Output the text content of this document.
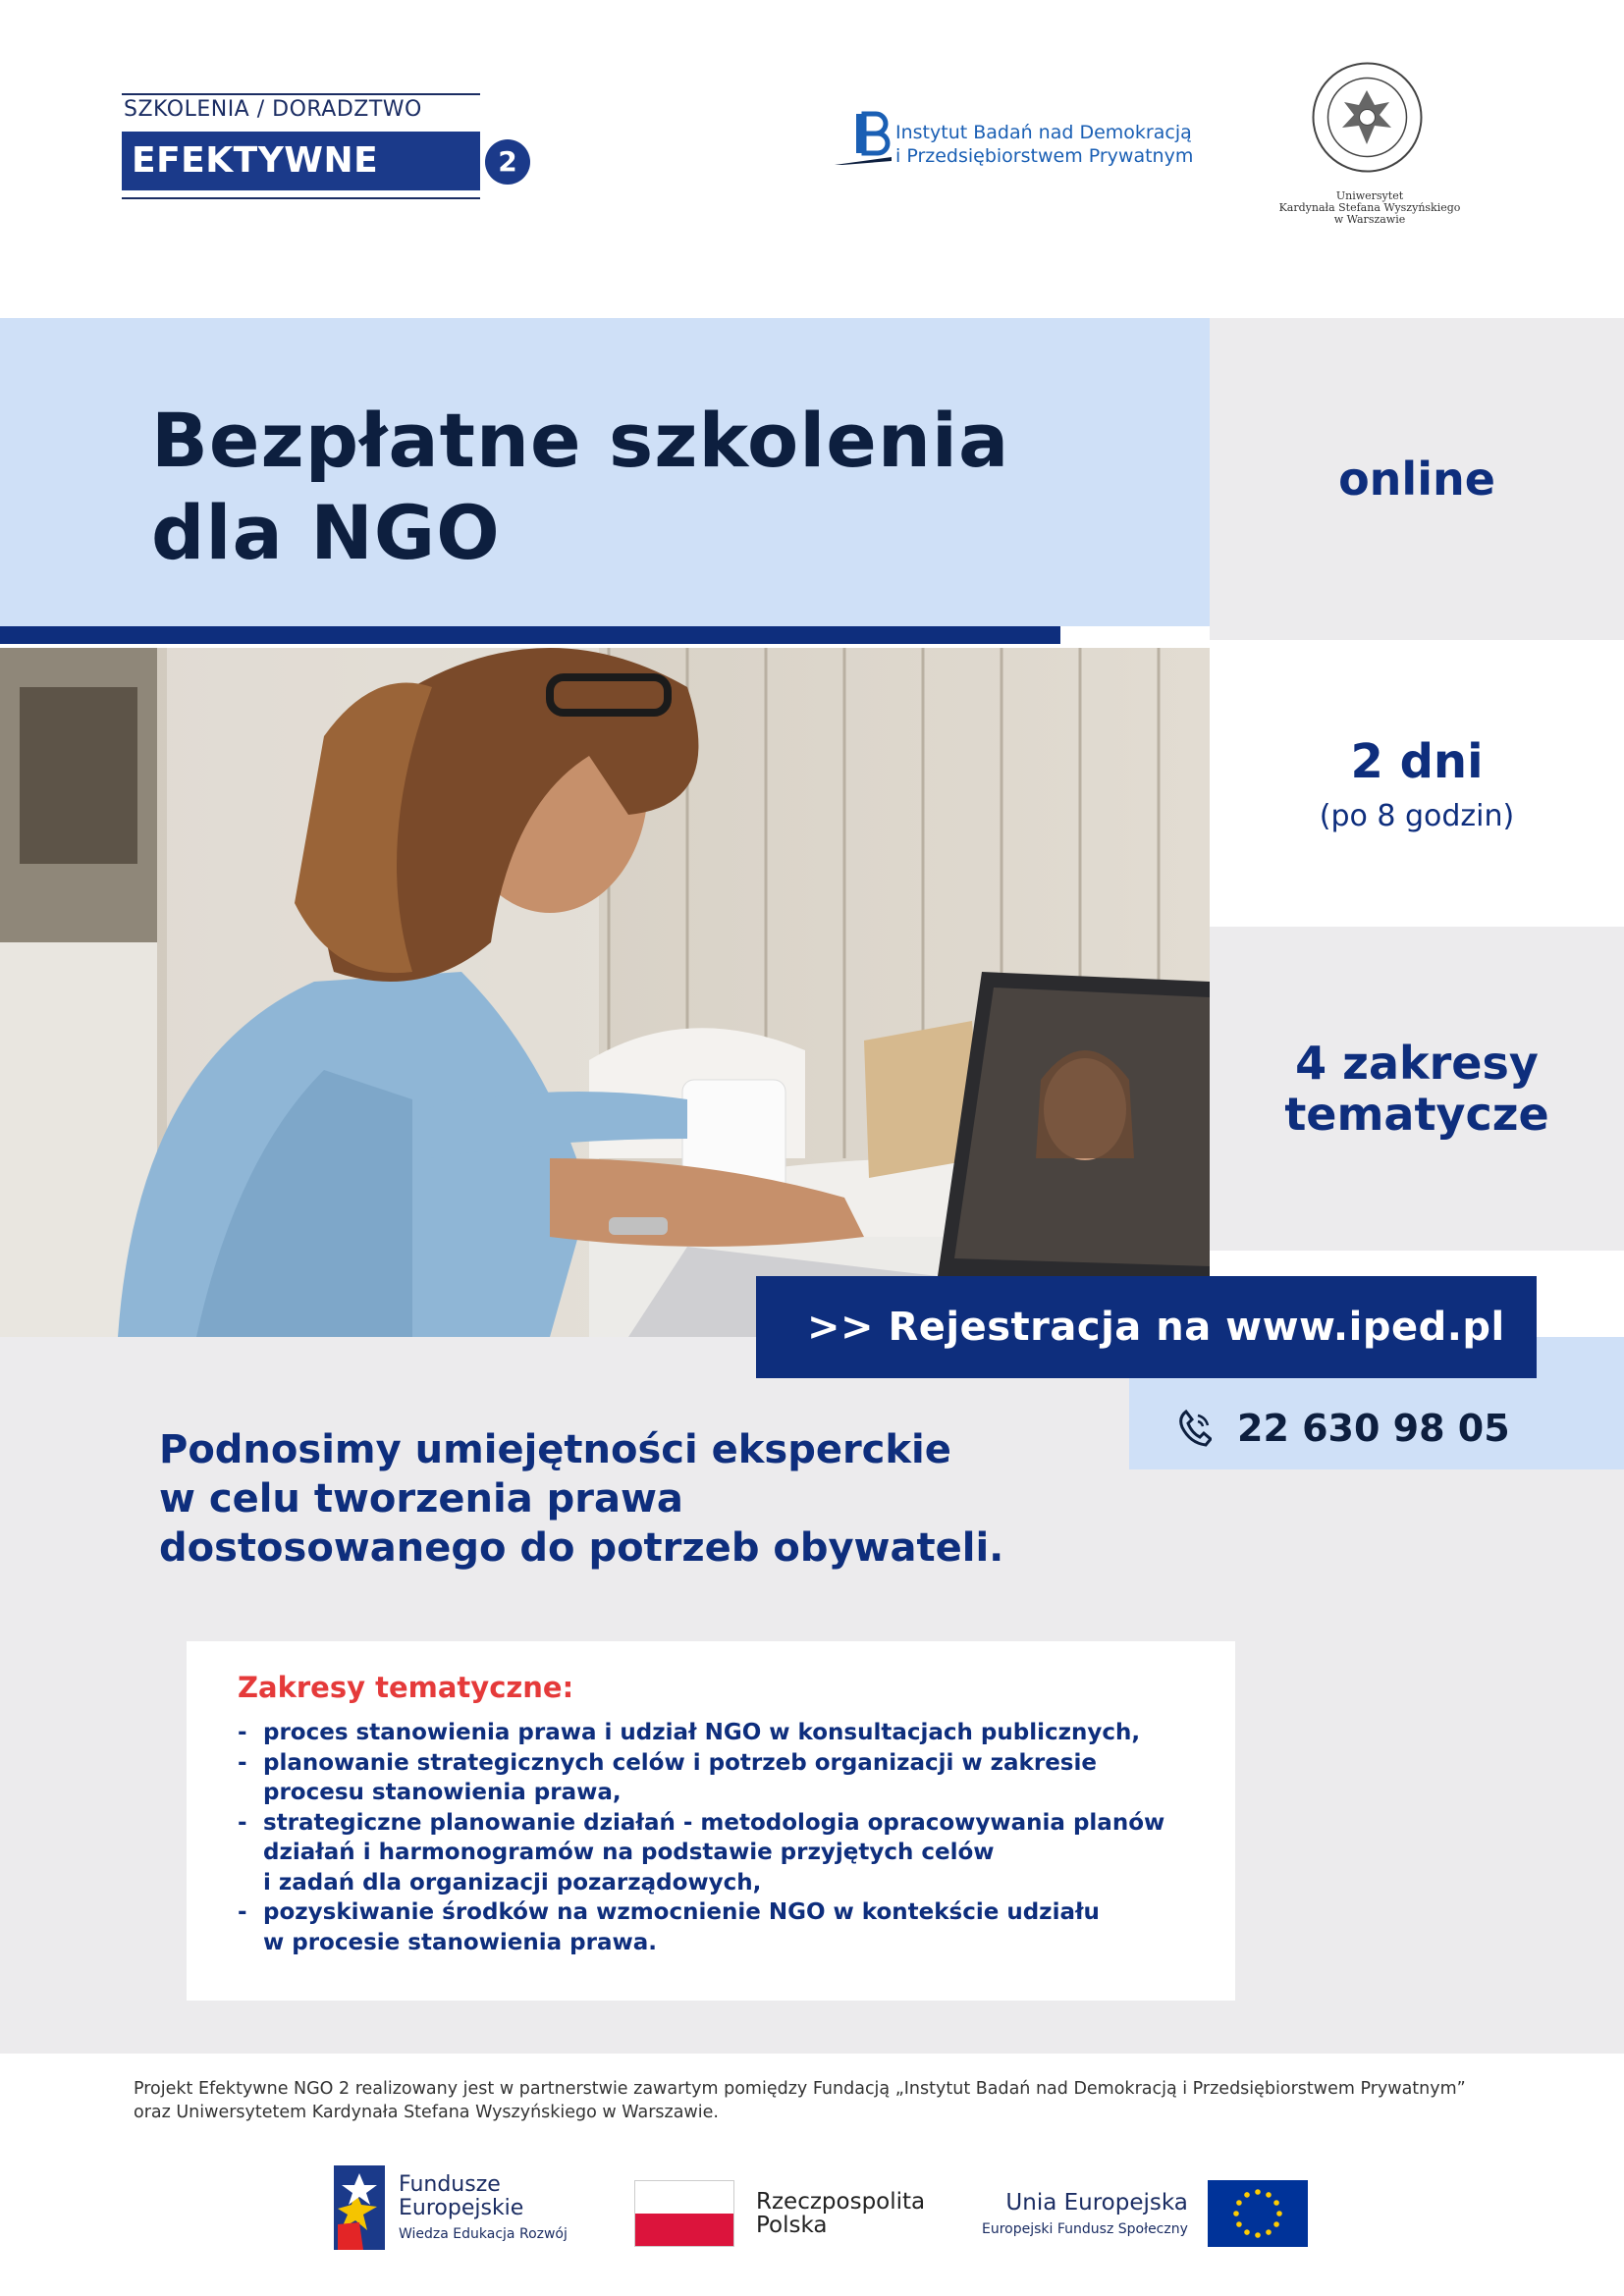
SZKOLENIA / DORADZTWO
EFEKTYWNE NGO
2
Instytut Badań nad Demokracją
i Przedsiębiorstwem Prywatnym
Uniwersytet
Kardynała Stefana Wyszyńskiego
w Warszawie
Bezpłatne szkolenia
dla NGO
online
2 dni
(po 8 godzin)
4 zakresy
tematycze
>> Rejestracja na www.iped.pl
22 630 98 05
Podnosimy umiejętności eksperckie
w celu tworzenia prawa
dostosowanego do potrzeb obywateli.
Zakresy tematyczne:
- proces stanowienia prawa i udział NGO w konsultacjach publicznych,
- planowanie strategicznych celów i potrzeb organizacji w zakresie
procesu stanowienia prawa,
- strategiczne planowanie działań - metodologia opracowywania planów
działań i harmonogramów na podstawie przyjętych celów
i zadań dla organizacji pozarządowych,
- pozyskiwanie środków na wzmocnienie NGO w kontekście udziału
w procesie stanowienia prawa.
Projekt Efektywne NGO 2 realizowany jest w partnerstwie zawartym pomiędzy Fundacją „Instytut Badań nad Demokracją i Przedsiębiorstwem Prywatnym”
oraz Uniwersytetem Kardynała Stefana Wyszyńskiego w Warszawie.
Fundusze
Europejskie
Wiedza Edukacja Rozwój
Rzeczpospolita
Polska
Unia Europejska
Europejski Fundusz Społeczny
